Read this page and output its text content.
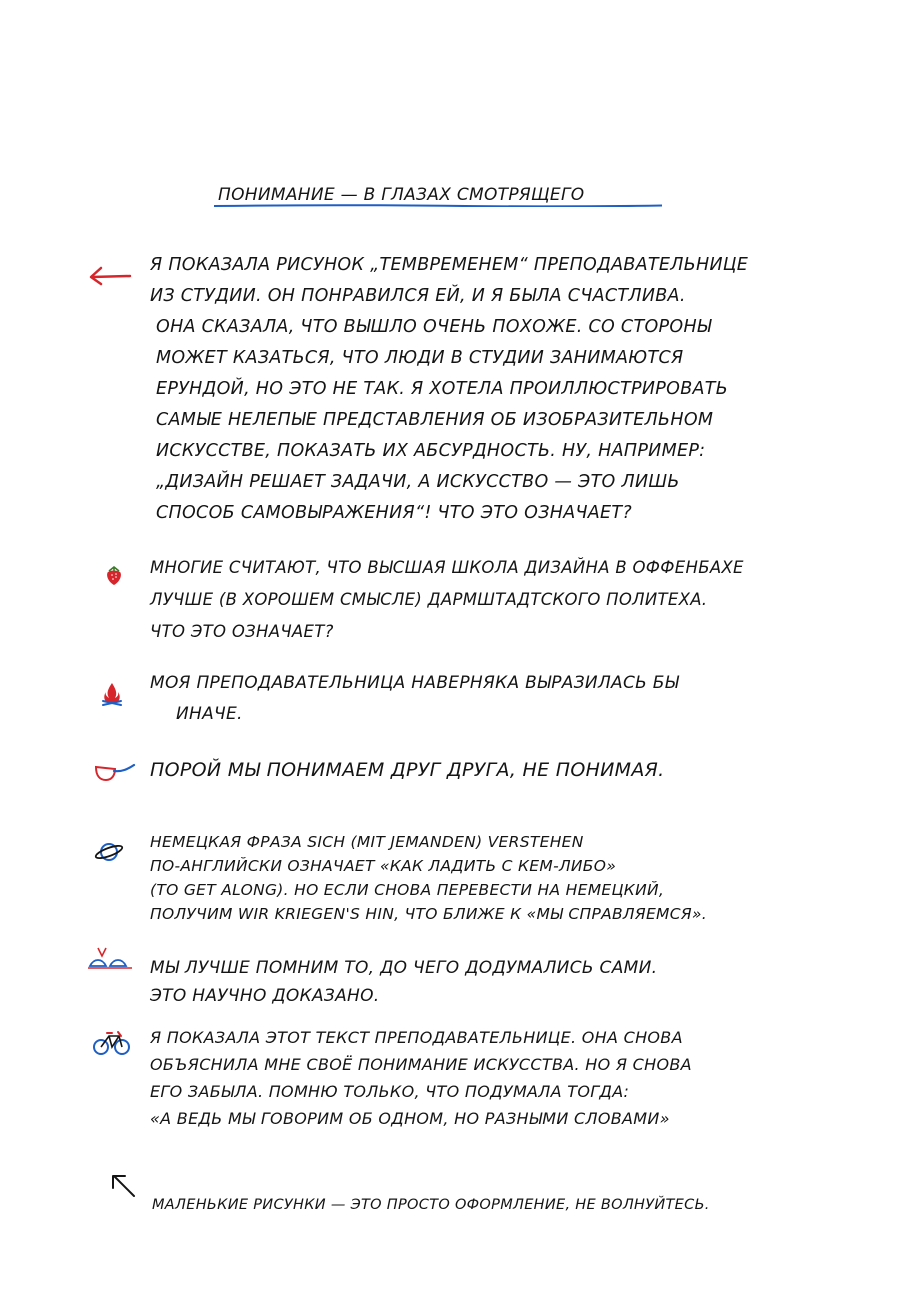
ПОНИМАНИЕ — В ГЛАЗАХ СМОТРЯЩЕГО
Я ПОКАЗАЛА РИСУНОК „ТЕМВРЕМЕНЕМ“ ПРЕПОДАВАТЕЛЬНИЦЕ
ИЗ СТУДИИ. ОН ПОНРАВИЛСЯ ЕЙ, И Я БЫЛА СЧАСТЛИВА.
ОНА СКАЗАЛА, ЧТО ВЫШЛО ОЧЕНЬ ПОХОЖЕ. СО СТОРОНЫ
МОЖЕТ КАЗАТЬСЯ, ЧТО ЛЮДИ В СТУДИИ ЗАНИМАЮТСЯ
ЕРУНДОЙ, НО ЭТО НЕ ТАК. Я ХОТЕЛА ПРОИЛЛЮСТРИРОВАТЬ
САМЫЕ НЕЛЕПЫЕ ПРЕДСТАВЛЕНИЯ ОБ ИЗОБРАЗИТЕЛЬНОМ
ИСКУССТВЕ, ПОКАЗАТЬ ИХ АБСУРДНОСТЬ. НУ, НАПРИМЕР:
„ДИЗАЙН РЕШАЕТ ЗАДАЧИ, А ИСКУССТВО — ЭТО ЛИШЬ
СПОСОБ САМОВЫРАЖЕНИЯ“! ЧТО ЭТО ОЗНАЧАЕТ?
МНОГИЕ СЧИТАЮТ, ЧТО ВЫСШАЯ ШКОЛА ДИЗАЙНА В ОФФЕНБАХЕ
ЛУЧШЕ (В ХОРОШЕМ СМЫСЛЕ) ДАРМШТАДТСКОГО ПОЛИТЕХА.
ЧТО ЭТО ОЗНАЧАЕТ?
МОЯ ПРЕПОДАВАТЕЛЬНИЦА НАВЕРНЯКА ВЫРАЗИЛАСЬ БЫ
ИНАЧЕ.
ПОРОЙ МЫ ПОНИМАЕМ ДРУГ ДРУГА, НЕ ПОНИМАЯ.
НЕМЕЦКАЯ ФРАЗА SICH (MIT JEMANDEN) VERSTEHEN
ПО-АНГЛИЙСКИ ОЗНАЧАЕТ «КАК ЛАДИТЬ С КЕМ-ЛИБО»
(TO GET ALONG). НО ЕСЛИ СНОВА ПЕРЕВЕСТИ НА НЕМЕЦКИЙ,
ПОЛУЧИМ WIR KRIEGEN'S HIN, ЧТО БЛИЖЕ К «МЫ СПРАВЛЯЕМСЯ».
МЫ ЛУЧШЕ ПОМНИМ ТО, ДО ЧЕГО ДОДУМАЛИСЬ САМИ.
ЭТО НАУЧНО ДОКАЗАНО.
Я ПОКАЗАЛА ЭТОТ ТЕКСТ ПРЕПОДАВАТЕЛЬНИЦЕ. ОНА СНОВА
ОБЪЯСНИЛА МНЕ СВОЁ ПОНИМАНИЕ ИСКУССТВА. НО Я СНОВА
ЕГО ЗАБЫЛА. ПОМНЮ ТОЛЬКО, ЧТО ПОДУМАЛА ТОГДА:
«А ВЕДЬ МЫ ГОВОРИМ ОБ ОДНОМ, НО РАЗНЫМИ СЛОВАМИ»
МАЛЕНЬКИЕ РИСУНКИ — ЭТО ПРОСТО ОФОРМЛЕНИЕ, НЕ ВОЛНУЙТЕСЬ.
